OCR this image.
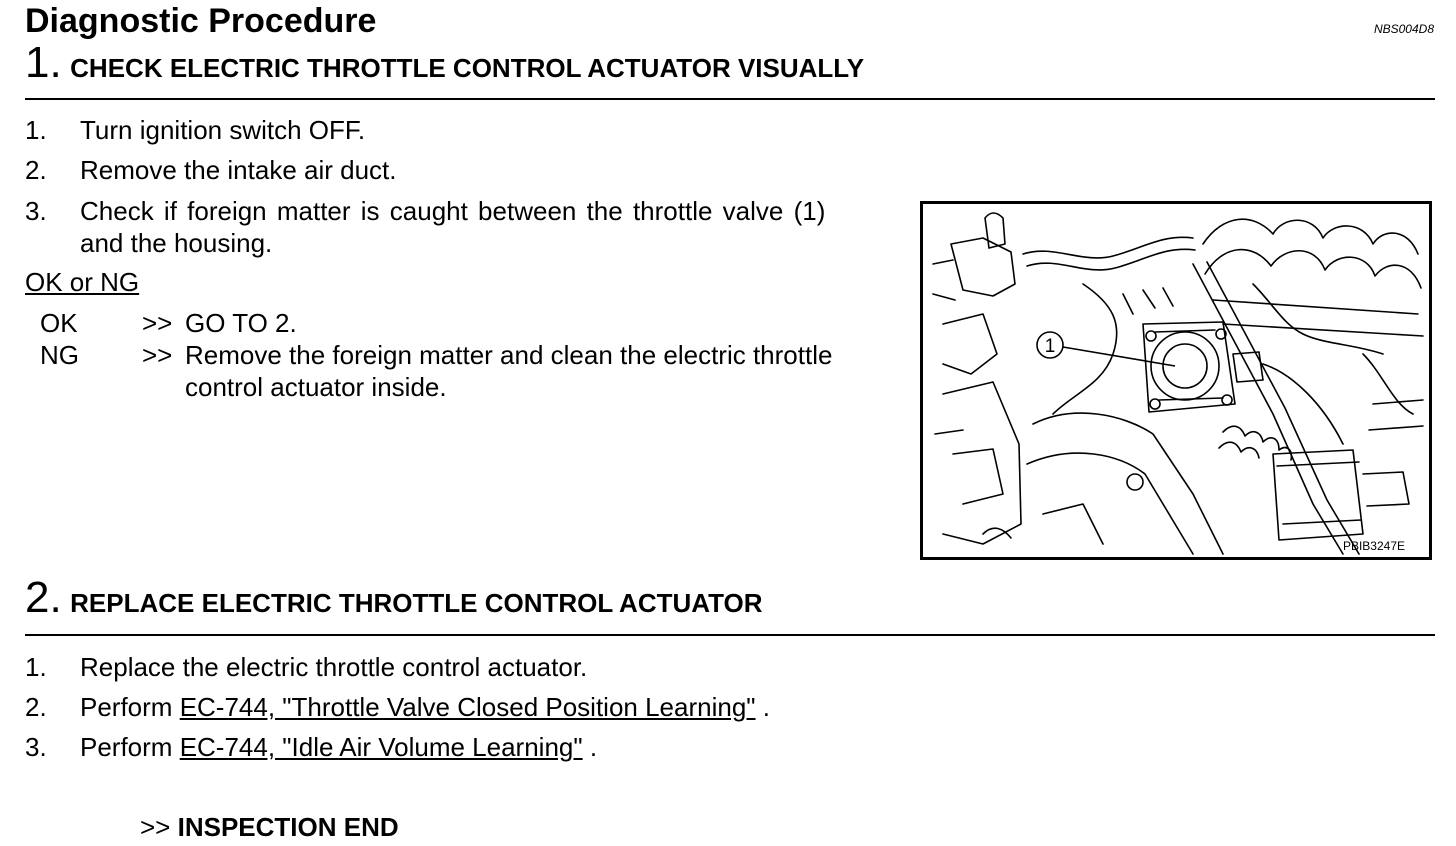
Diagnostic Procedure	NBS004D8
1. CHECK ELECTRIC THROTTLE CONTROL ACTUATOR VISUALLY
1. Turn ignition switch OFF.
2. Remove the intake air duct.
3. Check if foreign matter is caught between the throttle valve (1)
and the housing.
OK or NG
OK >> GO TO 2.
NG >> Remove the foreign matter and clean the electric throttle
control actuator inside.
1
PBIB3247E
2. REPLACE ELECTRIC THROTTLE CONTROL ACTUATOR
1. Replace the electric throttle control actuator.
2. Perform EC-744, "Throttle Valve Closed Position Learning" .
3. Perform EC-744, "Idle Air Volume Learning" .
>> INSPECTION END
